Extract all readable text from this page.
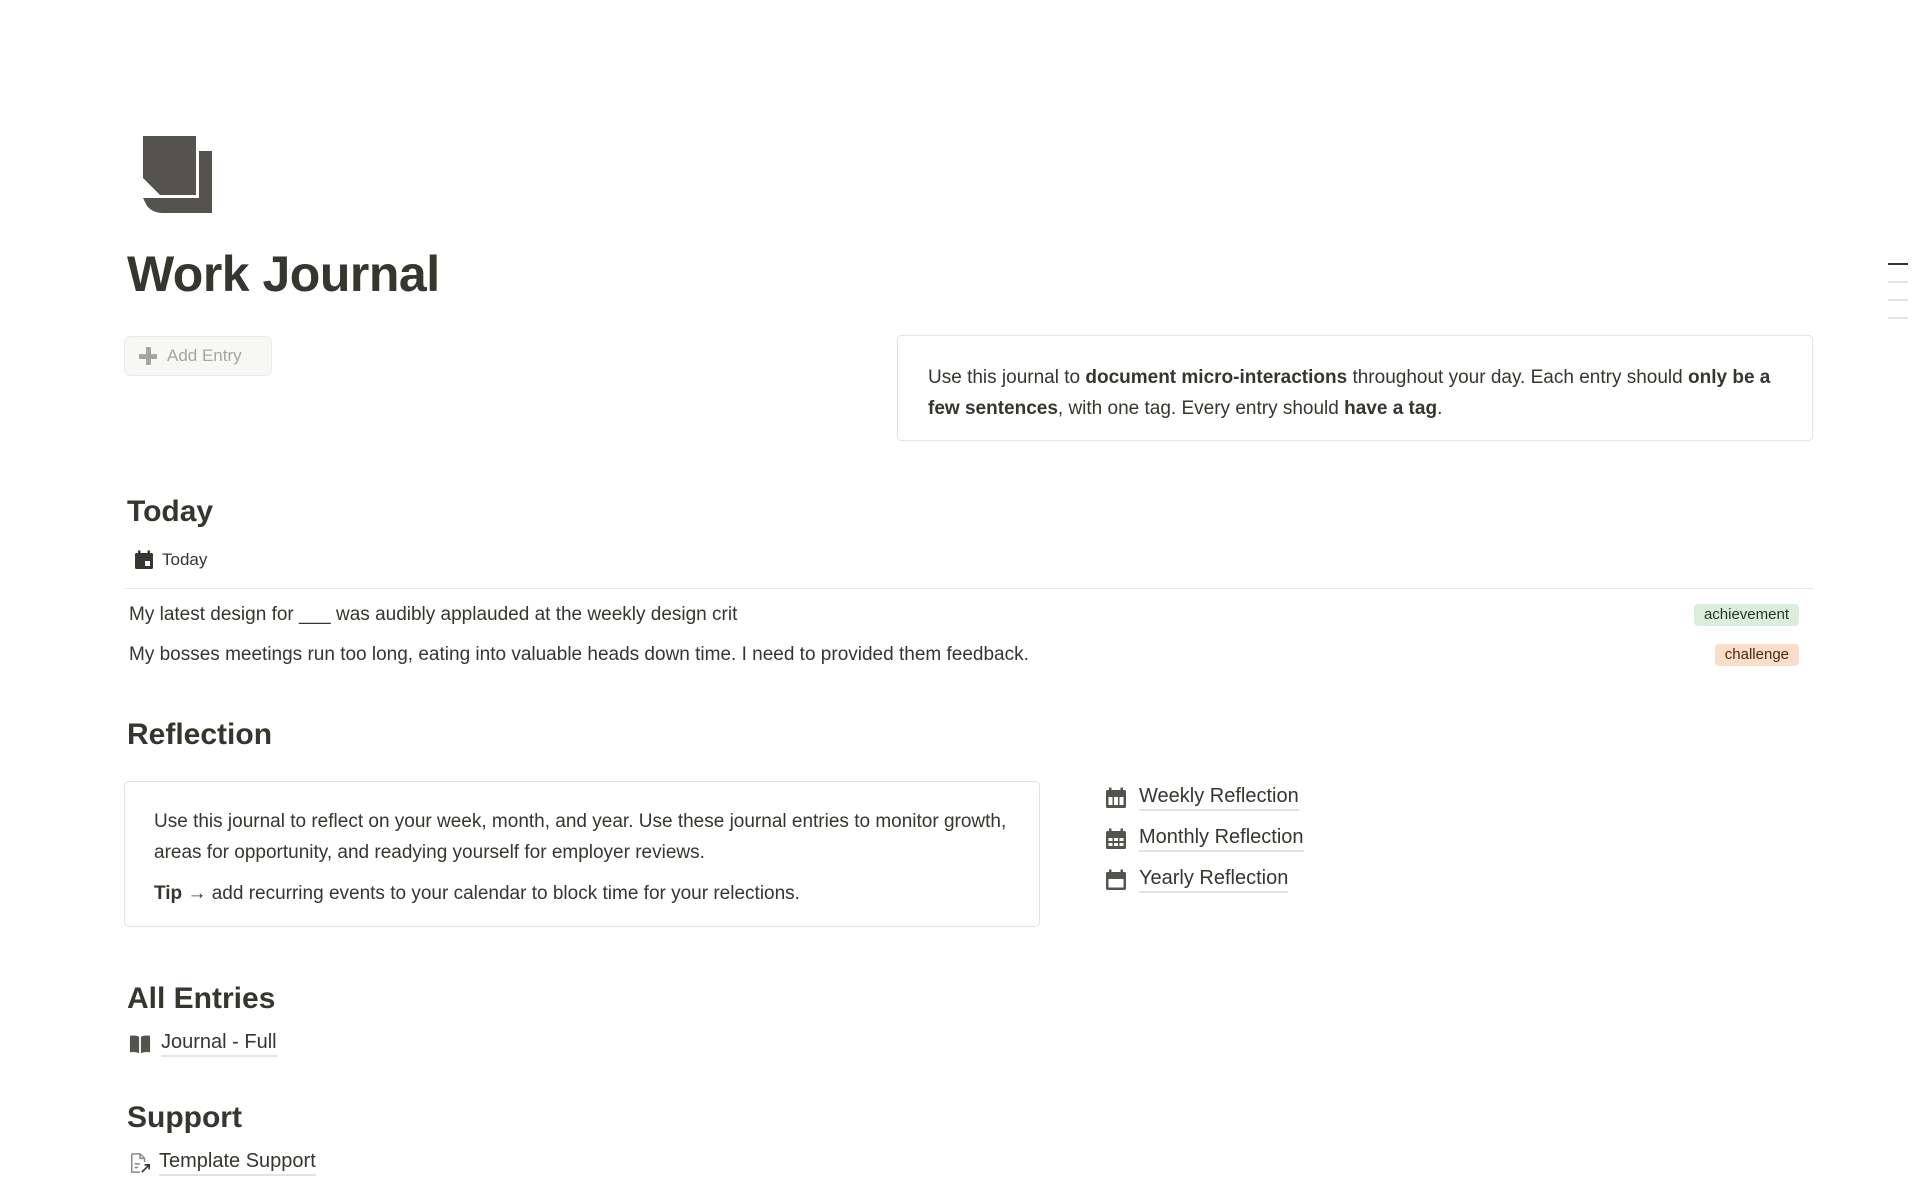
Work Journal
Add Entry
Use this journal to document micro-interactions throughout your day. Each entry should only be a few sentences, with one tag. Every entry should have a tag.
Today
Today
My latest design for ___ was audibly applauded at the weekly design crit	achievement
My bosses meetings run too long, eating into valuable heads down time. I need to provided them feedback.	challenge
Reflection

Use this journal to reflect on your week, month, and year. Use these journal entries to monitor growth, areas for opportunity, and readying yourself for employer reviews.

Tip → add recurring events to your calendar to block time for your relections.

Weekly Reflection
Monthly Reflection
Yearly Reflection
All Entries
Journal - Full
Support
Template Support
